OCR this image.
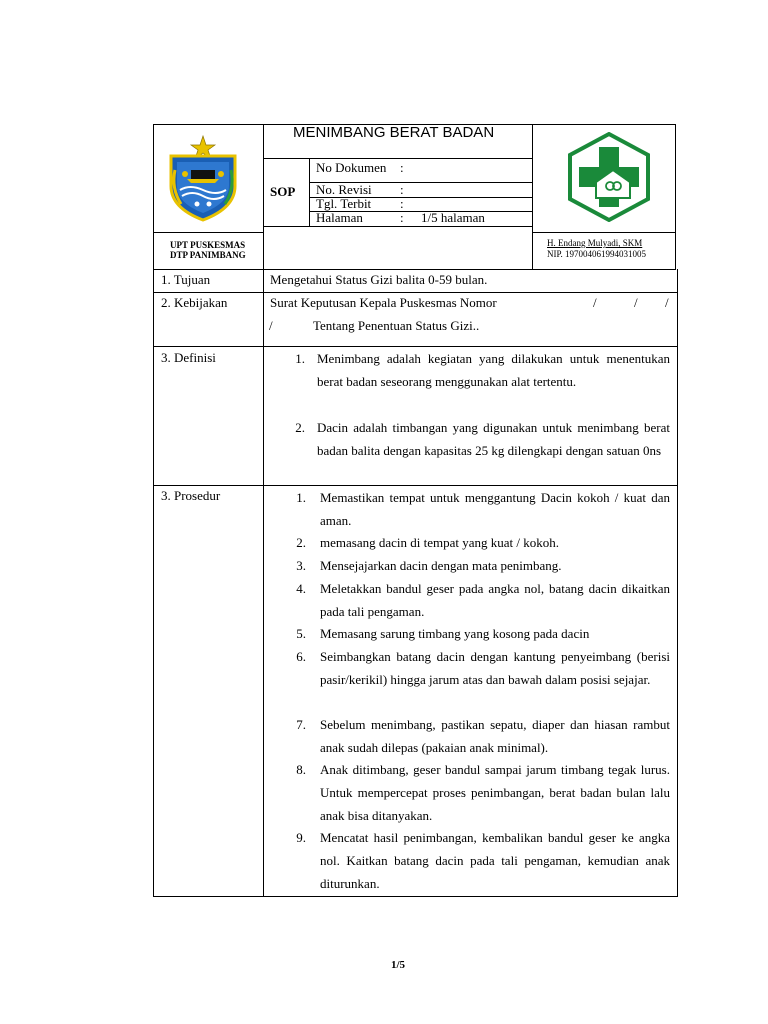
MENIMBANG BERAT BADAN
SOP
No Dokumen :
No. Revisi :
Tgl. Terbit :
Halaman	: 1/5 halaman
UPT PUSKESMAS
DTP PANIMBANG
H. Endang Mulyadi, SKM
NIP. 197004061994031005
1. Tujuan	Mengetahui Status Gizi balita 0-59 bulan.
2. Kebijakan	Surat Keputusan Kepala Puskesmas Nomor	/	/ /
/	Tentang Penentuan Status Gizi..
3. Definisi	1. Menimbang adalah kegiatan yang dilakukan untuk menentukan berat badan seseorang menggunakan alat tertentu.
2. Dacin adalah timbangan yang digunakan untuk menimbang berat badan balita dengan kapasitas 25 kg dilengkapi dengan satuan 0ns
3. Prosedur	1. Memastikan tempat untuk menggantung Dacin kokoh / kuat dan aman.
2. memasang dacin di tempat yang kuat / kokoh.
3. Mensejajarkan dacin dengan mata penimbang.
4. Meletakkan bandul geser pada angka nol, batang dacin dikaitkan pada tali pengaman.
5. Memasang sarung timbang yang kosong pada dacin
6. Seimbangkan batang dacin dengan kantung penyeimbang (berisi pasir/kerikil) hingga jarum atas dan bawah dalam posisi sejajar.
7. Sebelum menimbang, pastikan sepatu, diaper dan hiasan rambut anak sudah dilepas (pakaian anak minimal).
8. Anak ditimbang, geser bandul sampai jarum timbang tegak lurus. Untuk mempercepat proses penimbangan, berat badan bulan lalu anak bisa ditanyakan.
9. Mencatat hasil penimbangan, kembalikan bandul geser ke angka nol. Kaitkan batang dacin pada tali pengaman, kemudian anak diturunkan.
1/5
